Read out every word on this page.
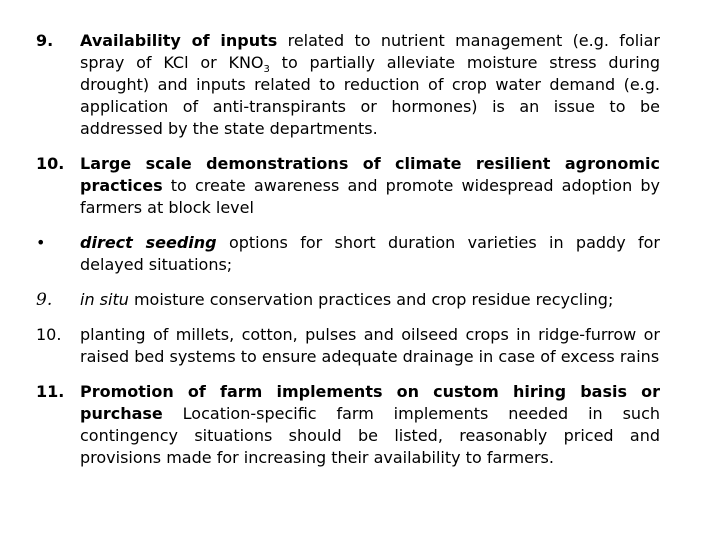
9.	Availability of inputs related to nutrient management (e.g. foliar spray of KCl or $KNO_3$ to partially alleviate moisture stress during drought) and inputs related to reduction of crop water demand (e.g. application of anti-transpirants or hormones) is an issue to be addressed by the state departments.
10. Large scale demonstrations of climate resilient agronomic practices to create awareness and promote widespread adoption by farmers at block level
•	direct seeding options for short duration varieties in paddy for delayed situations;
9.	in situ moisture conservation practices and crop residue recycling;
10.	planting of millets, cotton, pulses and oilseed crops in ridge-furrow or raised bed systems to ensure adequate drainage in case of excess rains
11. Promotion of farm implements on custom hiring basis or purchase Location-specific farm implements needed in such contingency situations should be listed, reasonably priced and provisions made for increasing their availability to farmers.
